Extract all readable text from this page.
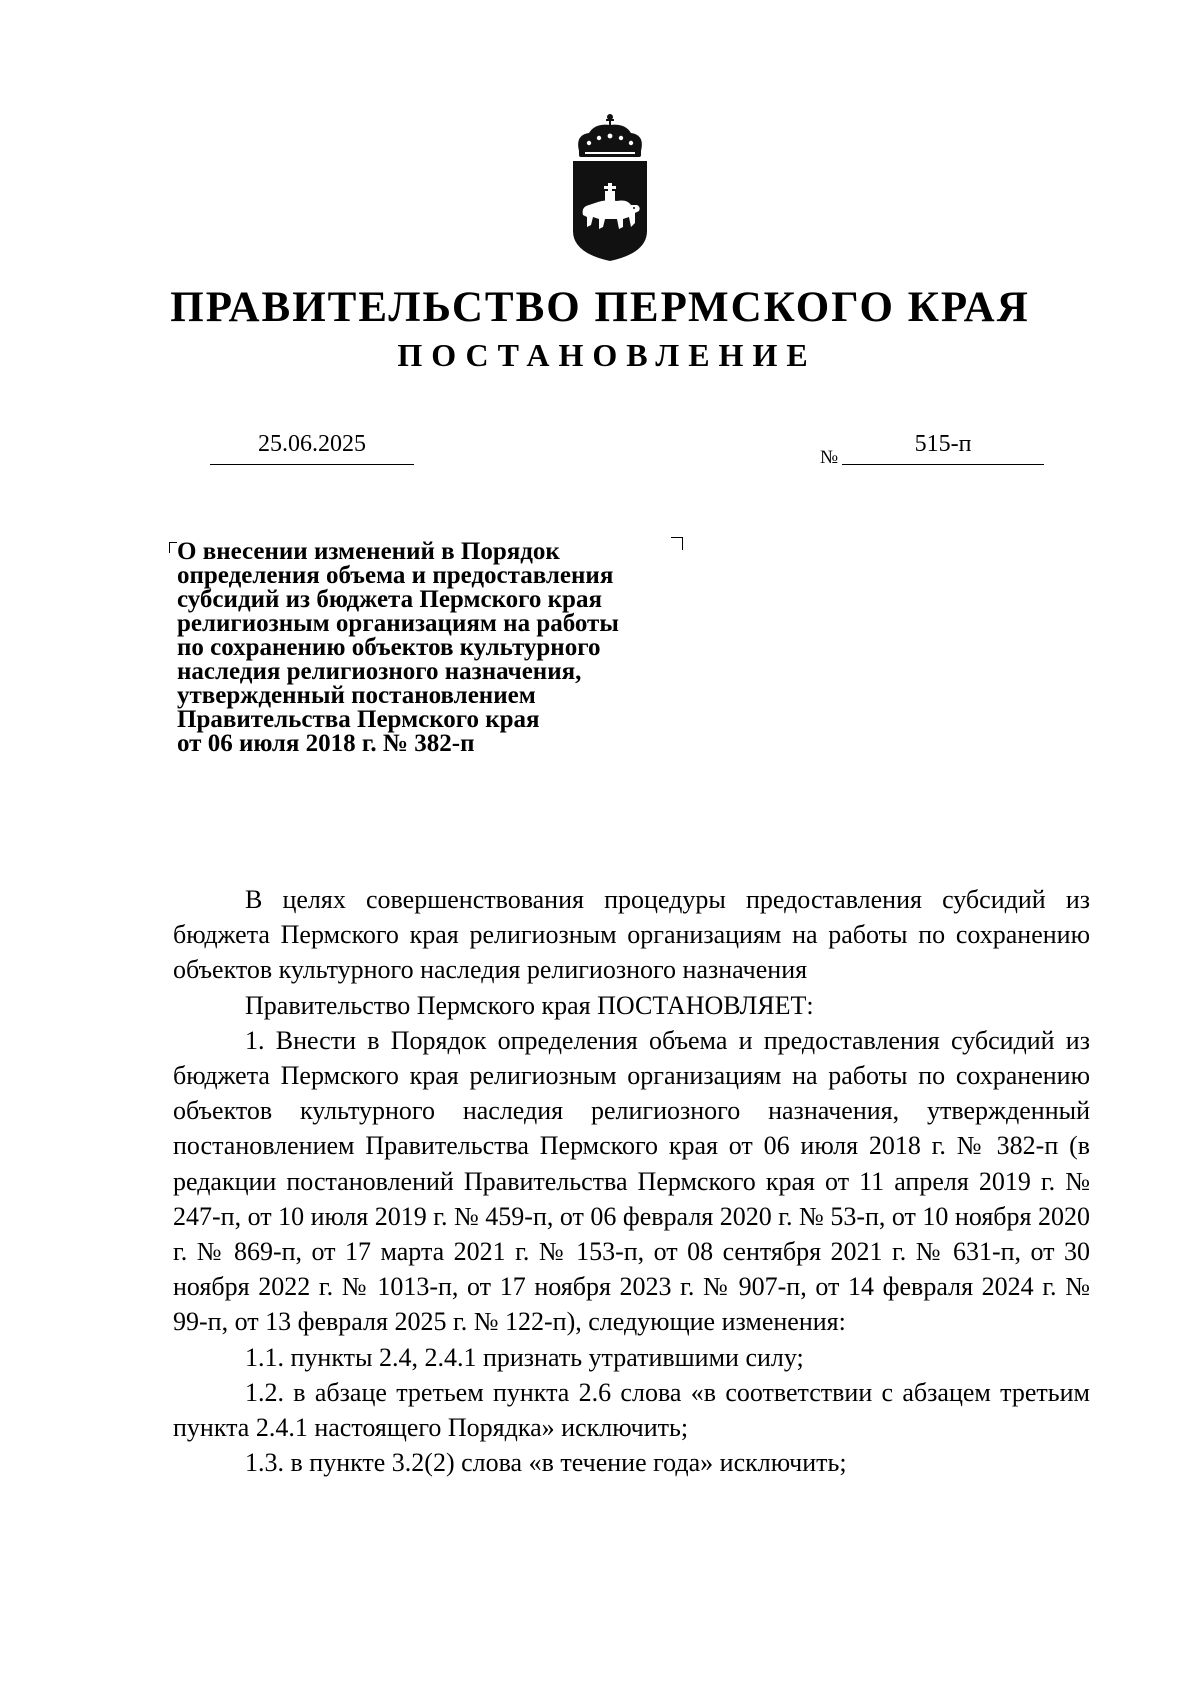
ПРАВИТЕЛЬСТВО ПЕРМСКОГО КРАЯ
ПОСТАНОВЛЕНИЕ
25.06.2025
№
515-п
О внесении изменений в Порядок
определения объема и предоставления
субсидий из бюджета Пермского края
религиозным организациям на работы
по сохранению объектов культурного
наследия религиозного назначения,
утвержденный постановлением
Правительства Пермского края
от 06 июля 2018 г. № 382-п

В целях совершенствования процедуры предоставления субсидий из бюджета Пермского края религиозным организациям на работы по сохранению объектов культурного наследия религиозного назначения

Правительство Пермского края ПОСТАНОВЛЯЕТ:

1. Внести в Порядок определения объема и предоставления субсидий из бюджета Пермского края религиозным организациям на работы по сохранению объектов культурного наследия религиозного назначения, утвержденный постановлением Правительства Пермского края от 06 июля 2018 г. № 382-п (в редакции постановлений Правительства Пермского края от 11 апреля 2019 г. № 247-п, от 10 июля 2019 г. № 459-п, от 06 февраля 2020 г. № 53-п, от 10 ноября 2020 г. № 869-п, от 17 марта 2021 г. № 153-п, от 08 сентября 2021 г. № 631-п, от 30 ноября 2022 г. № 1013-п, от 17 ноября 2023 г. № 907-п, от 14 февраля 2024 г. № 99-п, от 13 февраля 2025 г. № 122-п), следующие изменения:

1.1. пункты 2.4, 2.4.1 признать утратившими силу;

1.2. в абзаце третьем пункта 2.6 слова «в соответствии с абзацем третьим пункта 2.4.1 настоящего Порядка» исключить;

1.3. в пункте 3.2(2) слова «в течение года» исключить;
